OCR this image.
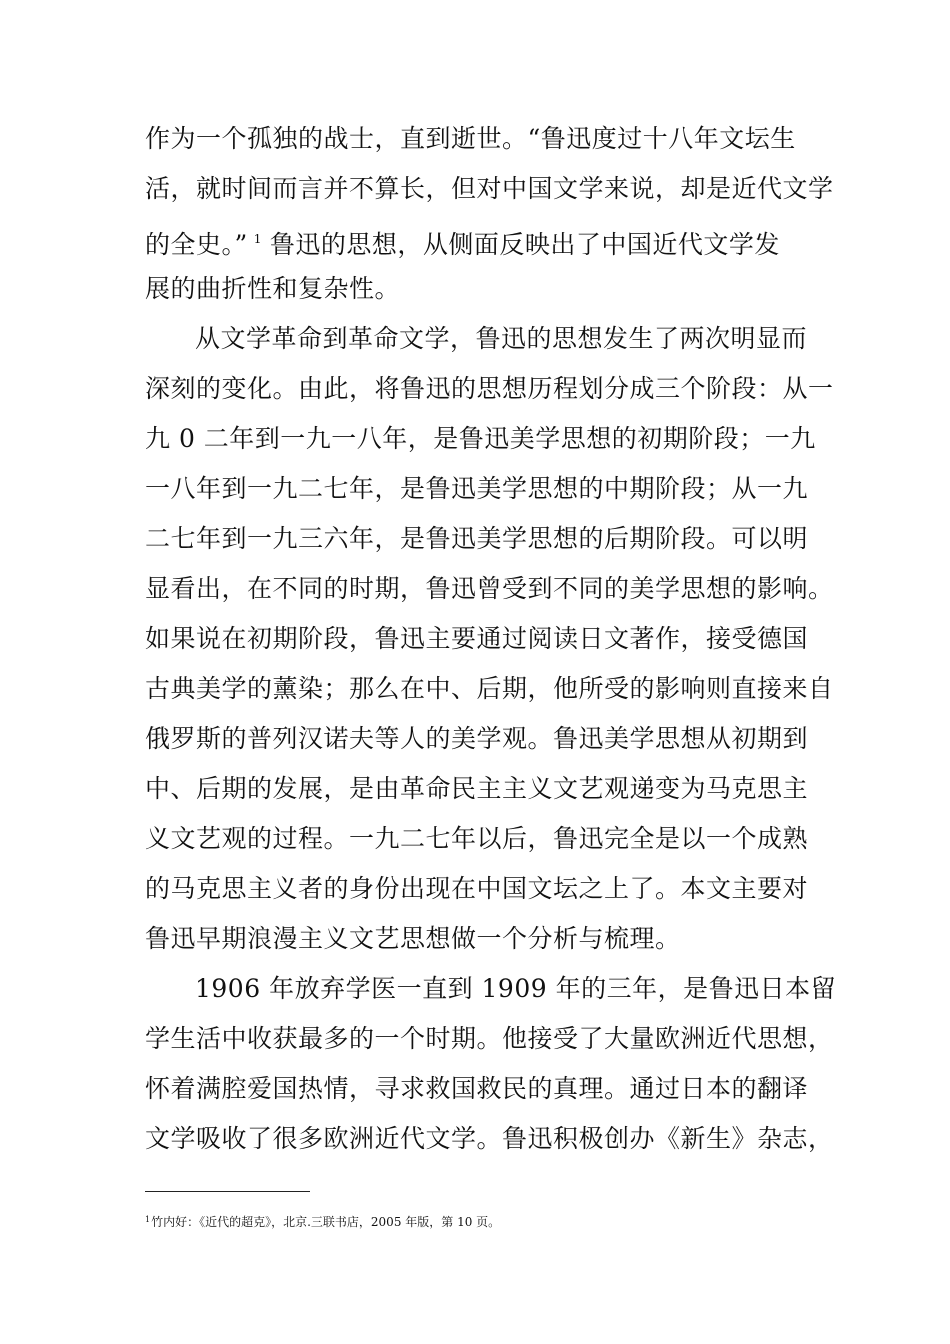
作为一个孤独的战士，直到逝世。“鲁迅度过十八年文坛生
活，就时间而言并不算长，但对中国文学来说，却是近代文学
的全史。” $^1$ 鲁迅的思想，从侧面反映出了中国近代文学发
展的曲折性和复杂性。
从文学革命到革命文学，鲁迅的思想发生了两次明显而
深刻的变化。由此，将鲁迅的思想历程划分成三个阶段：从一
九 0 二年到一九一八年，是鲁迅美学思想的初期阶段；一九
一八年到一九二七年，是鲁迅美学思想的中期阶段；从一九
二七年到一九三六年，是鲁迅美学思想的后期阶段。可以明
显看出，在不同的时期，鲁迅曾受到不同的美学思想的影响。
如果说在初期阶段，鲁迅主要通过阅读日文著作，接受德国
古典美学的薰染；那么在中、后期，他所受的影响则直接来自
俄罗斯的普列汉诺夫等人的美学观。鲁迅美学思想从初期到
中、后期的发展，是由革命民主主义文艺观递变为马克思主
义文艺观的过程。一九二七年以后，鲁迅完全是以一个成熟
的马克思主义者的身份出现在中国文坛之上了。本文主要对
鲁迅早期浪漫主义文艺思想做一个分析与梳理。
1906 年放弃学医一直到 1909 年的三年，是鲁迅日本留
学生活中收获最多的一个时期。他接受了大量欧洲近代思想，
怀着满腔爱国热情，寻求救国救民的真理。通过日本的翻译
文学吸收了很多欧洲近代文学。鲁迅积极创办《新生》杂志，
$^1$竹内好：《近代的超克》，北京.三联书店，2005 年版，第 10 页。
